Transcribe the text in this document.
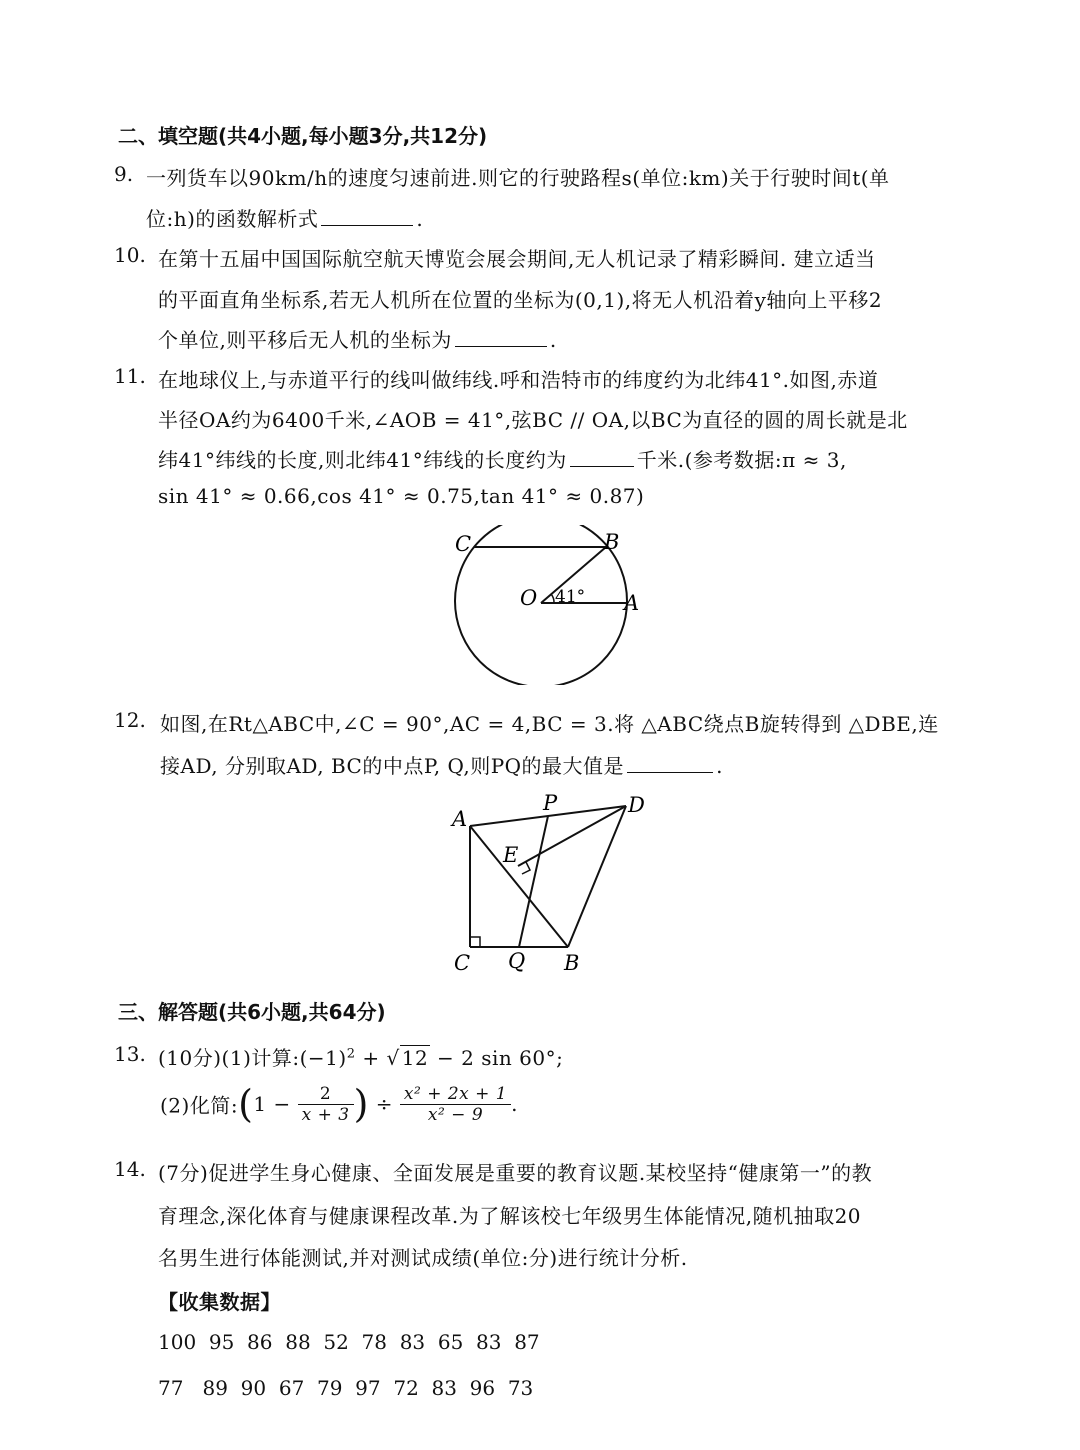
二、填空题(共4小题,每小题3分,共12分)
9. 一列货车以90km/h的速度匀速前进.则它的行驶路程s(单位:km)关于行驶时间t(单
位:h)的函数解析式	.
10. 在第十五届中国国际航空航天博览会展会期间,无人机记录了精彩瞬间. 建立适当
的平面直角坐标系,若无人机所在位置的坐标为(0,1),将无人机沿着y轴向上平移2
个单位,则平移后无人机的坐标为	.
11. 在地球仪上,与赤道平行的线叫做纬线.呼和浩特市的纬度约为北纬41°.如图,赤道
半径OA约为6400千米,∠AOB = 41°,弦BC // OA,以BC为直径的圆的周长就是北
纬41°纬线的长度,则北纬41°纬线的长度约为	千米.(参考数据:π ≈ 3,
sin 41° ≈ 0.66,cos 41° ≈ 0.75,tan 41° ≈ 0.87)
C	B
O 41° A
12. 如图,在Rt△ABC中,∠C = 90°,AC = 4,BC = 3.将 △ABC绕点B旋转得到 △DBE,连
接AD, 分别取AD, BC的中点P, Q,则PQ的最大值是	.
A
P	D
E
C Q B
三、解答题(共6小题,共64分)
13. (10分)(1)计算$:(-1)^2$ + √ 12 − 2 sin 60°;
(2)化简:(1 − $\frac{2}{x + 3}$ ) ÷ $\frac{\text{x² + 2x + 1}}{\text{x² − 9}}$ .
14. (7分)促进学生身心健康、全面发展是重要的教育议题.某校坚持“健康第一”的教
育理念,深化体育与健康课程改革.为了解该校七年级男生体能情况,随机抽取20
名男生进行体能测试,并对测试成绩(单位:分)进行统计分析.
【收集数据】
100  95  86  88  52  78  83  65  83  87
77   89  90  67  79  97  72  83  96  73
